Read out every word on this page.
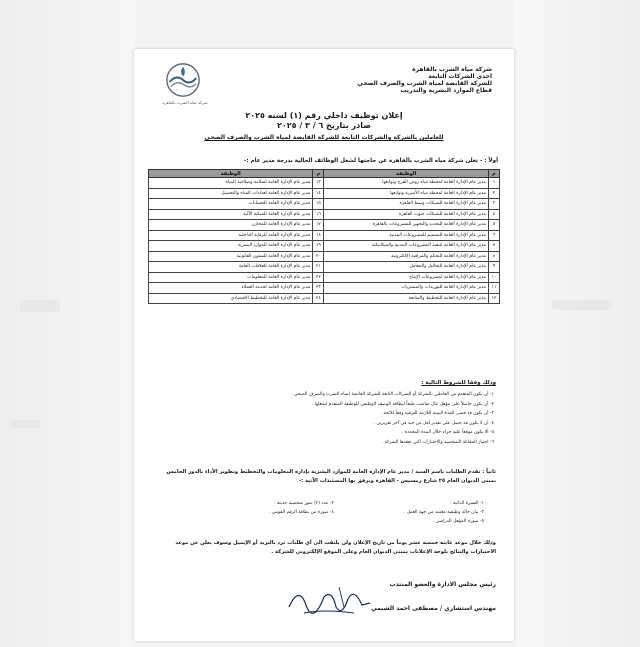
شركة مياه الشرب بالقاهرة
احدى الشركات التابعة
للشركة القابضة لمياه الشرب والصرف الصحي
قطاع الموارد البشرية والتدريب
شركة مياه الشرب بالقاهرة
إعلان توظيف داخلي رقم (١) لسنه ٢٠٢٥
صادر بتاريخ ٦ / ٣ / ٢٠٢٥
للعاملين بالشركة والشركات التابعة للشركة القابضة لمياه الشرب والصرف الصحي
أولاً : - تعلن شركة مياه الشرب بالقاهرة عن حاجتها لشغل الوظائف الخالية بدرجة مدير عام :-
م	الوظيفة	م	الوظيفة
١	مدير عام الإدارة العامة لمحطة مياه روض الفرج وتوابعها	١٣	مدير عام الإدارة العامة لسلامة وصلاحية المياه
٢	مدير عام الإدارة العامة لمحطة مياه الأميرية وتوابعها	١٤	مدير عام الإدارة العامة لعدادات المياه والتحصيل
٣	مدير عام الإدارة العامة للشبكات وسط القاهرة	١٥	مدير عام الإدارة العامة للحسابات
٤	مدير عام الإدارة العامة للشبكات جنوب القاهرة	١٦	مدير عام الإدارة العامة للميكنة الآلية
٥	مدير عام الإدارة العامة للتجديد والتجهيز للمشروعات بالقاهرة	١٧	مدير عام الإدارة العامة للمخازن
٦	مدير عام الإدارة العامة للتصميم للمشروعات المدنية	١٨	مدير عام الإدارة العامة للرقابة الداخلية
٧	مدير عام الإدارة العامة لتنفيذ المشروعات المدنية والميكانيكية	١٩	مدير عام الإدارة العامة للموارد البشرية
٨	مدير عام الإدارة العامة للتحكم والمراقبة الإلكترونية	٢٠	مدير عام الإدارة العامة للشئون القانونية
٩	مدير عام الإدارة العامة للتحاليل والمعامل	٢١	مدير عام الإدارة العامة للعلاقات العامة
١٠	مدير عام الإدارة العامة لمشروعات الإنتاج	٢٢	مدير عام الإدارة العامة للمعلومات
١١	مدير عام الإدارة العامة للتوريدات والمشتريات	٢٣	مدير عام الإدارة العامة لخدمة العملاء
١٢	مدير عام الإدارة العامة للتخطيط والمتابعة	٢٤	مدير عام الإدارة العامة للتخطيط الاقتصادي
وذلك وفقا للشروط التالية :
١- أن يكون المتقدم من العاملين بالشركة أو الشركات التابعة للشركة القابضة لمياه الشرب والصرف الصحي .
٢- أن يكون حاصلاً على مؤهل عال مناسب طبقاً لبطاقة الوصف الوظيفي للوظيفة المتقدم لشغلها .
٣- أن يكون قد قضى المدة البينية اللازمة للترقية وفقاً للائحة .
٤- أن لا يكون قد حصل على تقدير أقل من جيد في آخر تقريرين .
٥- ألا يكون موقعاً عليه جزاء خلال المدة المحددة .
٦- اجتياز المقابلة الشخصية والاختبارات التي تعقدها الشركة .
ثانياً : تقدم الطلبات باسم السيد / مدير عام الإدارة العامة للموارد البشرية بإدارة المعلومات والتخطيط وتطوير الأداء بالدور الخامس بمبنى الديوان العام ٢٥ شارع رمسيس - القاهرة ويرفق بها المستندات الآتية :-
١- السيرة الذاتية .
٢- عدد (٢) صور شخصية حديثة .
٣- بيان حالة وظيفية معتمد من جهة العمل .
٤- صورة من بطاقة الرقم القومي .
٥- صورة المؤهل الدراسي .
وذلك خلال موعد غايته خمسة عشر يوماً من تاريخ الإعلان ولن يلتفت الى أي طلبات ترد بالبريد أو الإيميل وسوف يعلن عن موعد الاختبارات والنتائج بلوحة الإعلانات بمبنى الديوان العام وعلى الموقع الإلكتروني للشركة .
رئيس مجلس الادارة والعضو المنتدب
مهندس استشاري / مصطفى احمد الشيمي
